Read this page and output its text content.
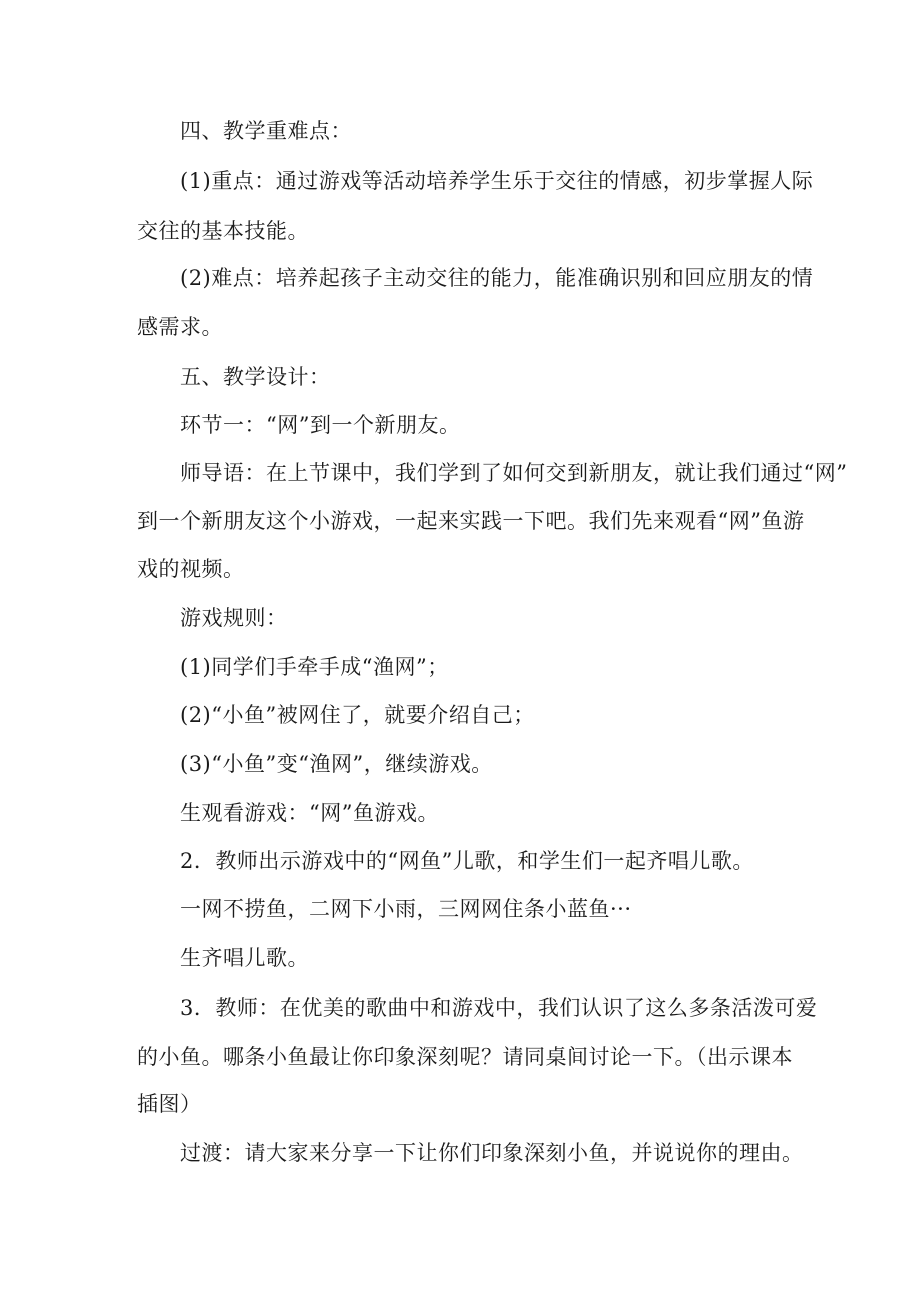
四、教学重难点：
(1)重点：通过游戏等活动培养学生乐于交往的情感，初步掌握人际
交往的基本技能。
(2)难点：培养起孩子主动交往的能力，能准确识别和回应朋友的情
感需求。
五、教学设计：
环节一：“网”到一个新朋友。
师导语：在上节课中，我们学到了如何交到新朋友，就让我们通过“网”
到一个新朋友这个小游戏，一起来实践一下吧。我们先来观看“网”鱼游
戏的视频。
游戏规则：
(1)同学们手牵手成“渔网”；
(2)“小鱼”被网住了，就要介绍自己；
(3)“小鱼”变“渔网”，继续游戏。
生观看游戏：“网”鱼游戏。
2．教师出示游戏中的“网鱼”儿歌，和学生们一起齐唱儿歌。
一网不捞鱼，二网下小雨，三网网住条小蓝鱼···
生齐唱儿歌。
3．教师：在优美的歌曲中和游戏中，我们认识了这么多条活泼可爱
的小鱼。哪条小鱼最让你印象深刻呢？请同桌间讨论一下。（出示课本
插图）
过渡：请大家来分享一下让你们印象深刻小鱼，并说说你的理由。
